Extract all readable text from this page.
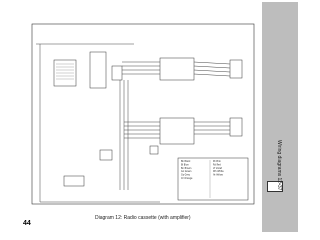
Bk Black
Bl Blue
Bn Brown
Gn Green
Gy Grey
Or Orange
Pk Pink
Rd Red
Vi Violet
Wh White
Ye Yellow	Wiring diagrams 12•37
Diagram 12: Radio cassette (with amplifier)
44
